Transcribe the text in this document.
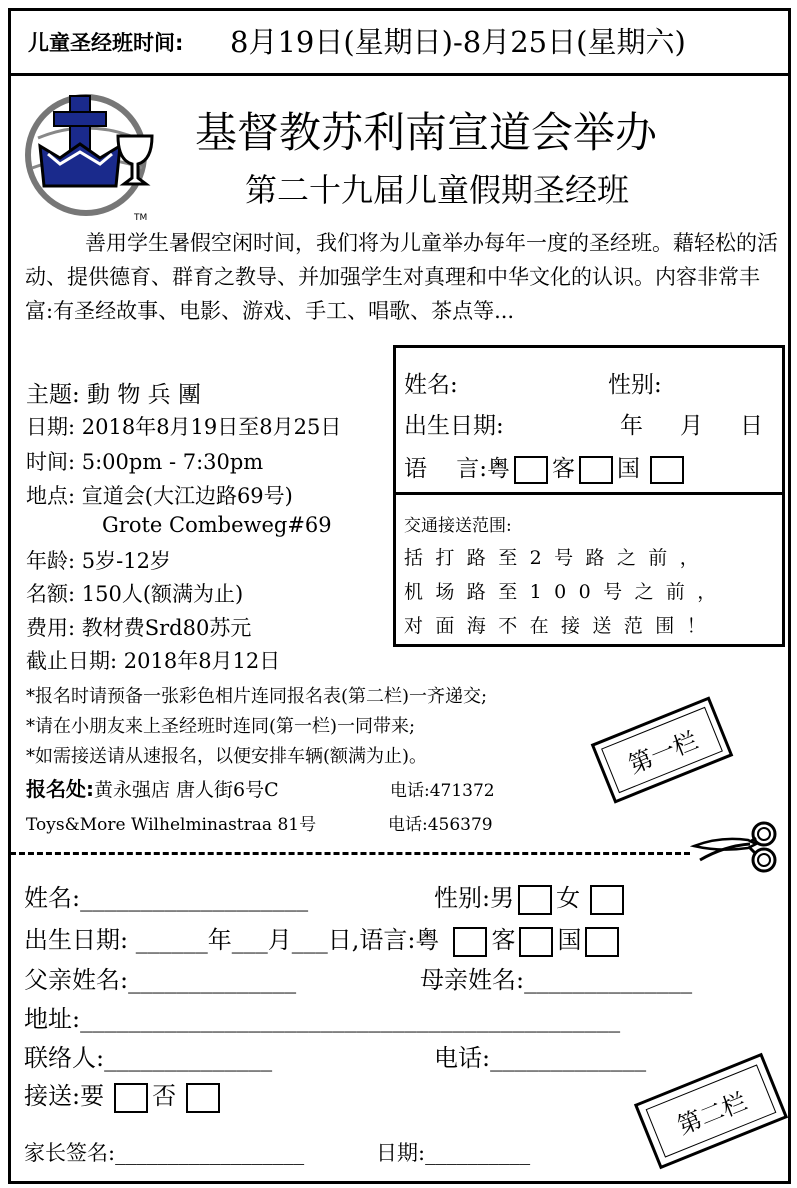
儿童圣经班时间: 8月19日(星期日)-8月25日(星期六)
TM
基督教苏利南宣道会举办
第二十九届儿童假期圣经班
善用学生暑假空闲时间，我们将为儿童举办每年一度的圣经班。藉轻松的活动、提供德育、群育之教导、并加强学生对真理和中华文化的认识。内容非常丰富:有圣经故事、电影、游戏、手工、唱歌、茶点等...
主题: 動 物 兵 團
日期: 2018年8月19日至8月25日
时间: 5:00pm - 7:30pm
地点: 宣道会(大江边路69号)
Grote Combeweg#69
年龄: 5岁-12岁
名额: 150人(额满为止)
费用: 教材费Srd80苏元
截止日期: 2018年8月12日
*报名时请预备一张彩色相片连同报名表(第二栏)一齐递交;
*请在小朋友来上圣经班时连同(第一栏)一同带来;
*如需接送请从速报名，以便安排车辆(额满为止)。
报名处:黄永强店 唐人街6号C	电话:471372
Toys&More Wilhelminastraa 81号	电话:456379
姓名:	性别:
出生日期:	年 月 日
语    言:粤 客 国
交通接送范围:
括打路至2号路之前，
机场路至100号之前，
对面海不在接送范围！
第一栏
姓名:___________________	性别:男 女
出生日期: ______年___月___日,语言:粤 客 国
父亲姓名:______________	母亲姓名:______________
地址:_____________________________________________
联络人:______________	电话:_____________
接送:要 否
家长签名:__________________	日期:__________
第二栏
